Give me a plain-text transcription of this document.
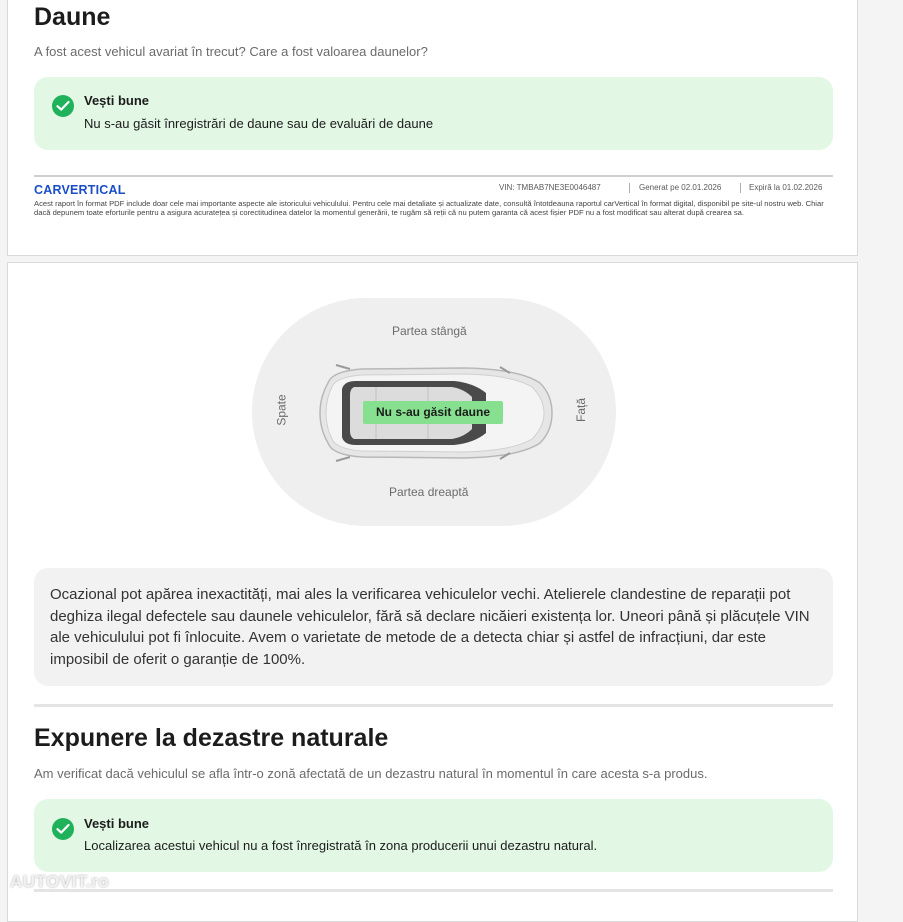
Daune

A fost acest vehicul avariat în trecut? Care a fost valoarea daunelor?

Vești bune
Nu s-au găsit înregistrări de daune sau de evaluări de daune
CARVERTICAL	VIN: TMBAB7NE3E0046487	Generat pe 02.01.2026	Expiră la 01.02.2026
Acest raport în format PDF include doar cele mai importante aspecte ale istoricului vehiculului. Pentru cele mai detaliate și actualizate date, consultă întotdeauna raportul carVertical în format digital, disponibil pe site-ul nostru web. Chiar dacă depunem toate eforturile pentru a asigura acuratețea și corectitudinea datelor la momentul generării, te rugăm să reții că nu putem garanta că acest fișier PDF nu a fost modificat sau alterat după crearea sa.
Partea stângă
Partea dreaptă
Spate	Față
Nu s-au găsit daune

Ocazional pot apărea inexactități, mai ales la verificarea vehiculelor vechi. Atelierele clandestine de reparații pot deghiza ilegal defectele sau daunele vehiculelor, fără să declare nicăieri existența lor. Uneori până și plăcuțele VIN ale vehiculului pot fi înlocuite. Avem o varietate de metode de a detecta chiar și astfel de infracțiuni, dar este imposibil de oferit o garanție de 100%.

Expunere la dezastre naturale

Am verificat dacă vehiculul se afla într-o zonă afectată de un dezastru natural în momentul în care acesta s-a produs.

Vești bune
Localizarea acestui vehicul nu a fost înregistrată în zona producerii unui dezastru natural.
AUTOVIT.ro
